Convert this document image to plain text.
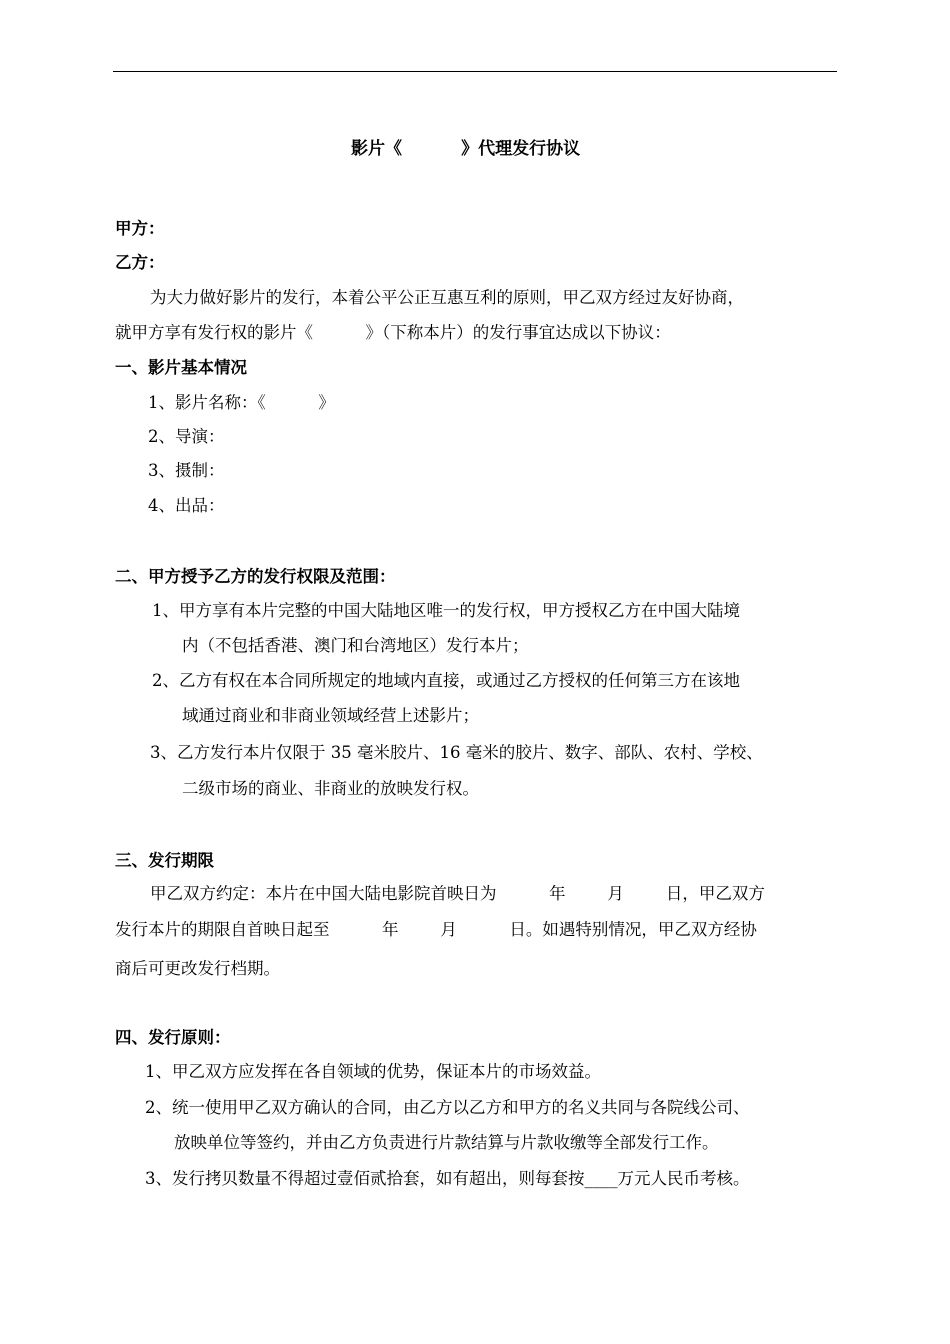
影片《          》代理发行协议
甲方：
乙方：
为大力做好影片的发行，本着公平公正互惠互利的原则，甲乙双方经过友好协商，
就甲方享有发行权的影片《          》（下称本片）的发行事宜达成以下协议：
一、影片基本情况
1、影片名称：《          》
2、导演：
3、摄制：
4、出品：
二、甲方授予乙方的发行权限及范围：
1、甲方享有本片完整的中国大陆地区唯一的发行权，甲方授权乙方在中国大陆境
内（不包括香港、澳门和台湾地区）发行本片；
2、乙方有权在本合同所规定的地域内直接，或通过乙方授权的任何第三方在该地
域通过商业和非商业领域经营上述影片；
3、乙方发行本片仅限于 35 毫米胶片、16 毫米的胶片、数字、部队、农村、学校、
二级市场的商业、非商业的放映发行权。
三、发行期限
甲乙双方约定：本片在中国大陆电影院首映日为          年        月        日，甲乙双方
发行本片的期限自首映日起至          年        月          日。如遇特别情况，甲乙双方经协
商后可更改发行档期。
四、发行原则：
1、甲乙双方应发挥在各自领域的优势，保证本片的市场效益。
2、统一使用甲乙双方确认的合同，由乙方以乙方和甲方的名义共同与各院线公司、
放映单位等签约，并由乙方负责进行片款结算与片款收缴等全部发行工作。
3、发行拷贝数量不得超过壹佰贰拾套，如有超出，则每套按____万元人民币考核。
